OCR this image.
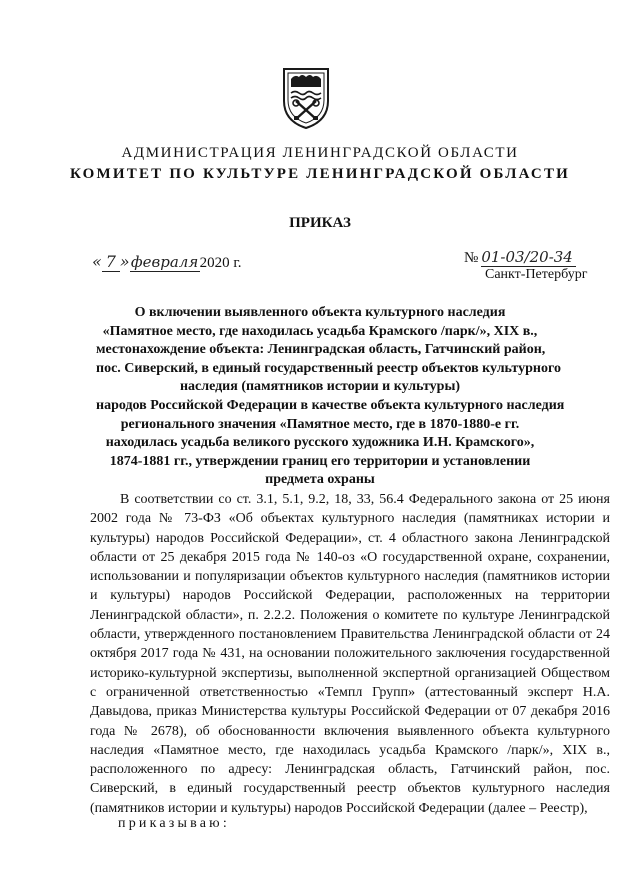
АДМИНИСТРАЦИЯ ЛЕНИНГРАДСКОЙ ОБЛАСТИ
КОМИТЕТ ПО КУЛЬТУРЕ ЛЕНИНГРАДСКОЙ ОБЛАСТИ
ПРИКАЗ
« 7 »февраля2020 г.	№ 01-03/20-34
Санкт-Петербург
О включении выявленного объекта культурного наследия
«Памятное место, где находилась усадьба Крамского /парк/», XIX в.,
местонахождение объекта: Ленинградская область, Гатчинский район,
пос. Сиверский, в единый государственный реестр объектов культурного
наследия (памятников истории и культуры)
народов Российской Федерации в качестве объекта культурного наследия
регионального значения «Памятное место, где в 1870-1880-е гг.
находилась усадьба великого русского художника И.Н. Крамского»,
1874-1881 гг., утверждении границ его территории и установлении
предмета охраны

В соответствии со ст. 3.1, 5.1, 9.2, 18, 33, 56.4 Федерального закона от 25 июня 2002 года № 73-ФЗ «Об объектах культурного наследия (памятниках истории и культуры) народов Российской Федерации», ст. 4 областного закона Ленинградской области от 25 декабря 2015 года № 140-оз «О государственной охране, сохранении, использовании и популяризации объектов культурного наследия (памятников истории и культуры) народов Российской Федерации, расположенных на территории Ленинградской области», п. 2.2.2. Положения о комитете по культуре Ленинградской области, утвержденного постановлением Правительства Ленинградской области от 24 октября 2017 года № 431, на основании положительного заключения государственной историко-культурной экспертизы, выполненной экспертной организацией Обществом с ограниченной ответственностью «Темпл Групп» (аттестованный эксперт Н.А. Давыдова, приказ Министерства культуры Российской Федерации от 07 декабря 2016 года № 2678), об обоснованности включения выявленного объекта культурного наследия «Памятное место, где находилась усадьба Крамского /парк/», XIX в., расположенного по адресу: Ленинградская область, Гатчинский район, пос. Сиверский, в единый государственный реестр объектов культурного наследия (памятников истории и культуры) народов Российской Федерации (далее – Реестр),

приказываю:
